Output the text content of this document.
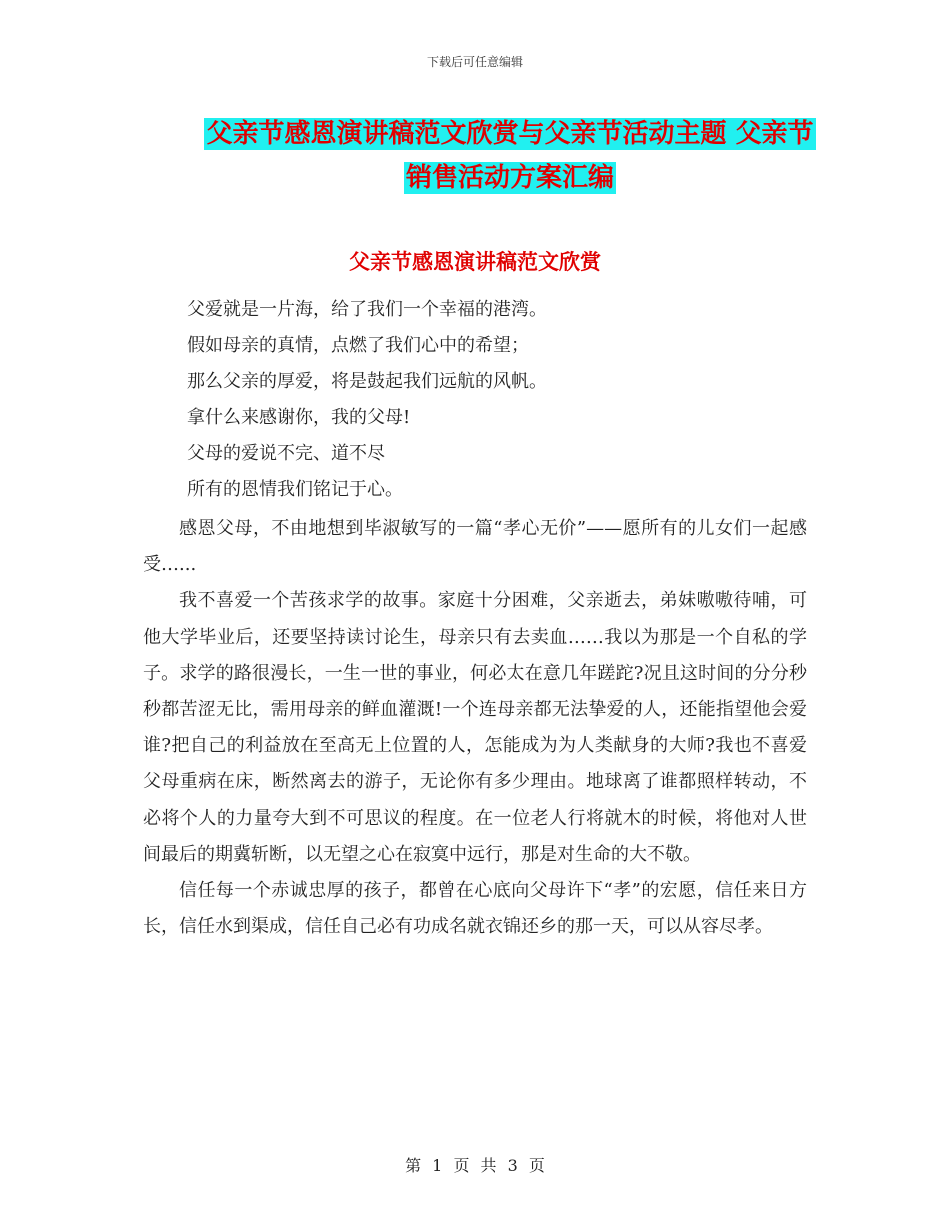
下载后可任意编辑
父亲节感恩演讲稿范文欣赏与父亲节活动主题 父亲节
销售活动方案汇编
父亲节感恩演讲稿范文欣赏
父爱就是一片海，给了我们一个幸福的港湾。
假如母亲的真情，点燃了我们心中的希望；
那么父亲的厚爱，将是鼓起我们远航的风帆。
拿什么来感谢你，我的父母!
父母的爱说不完、道不尽
所有的恩情我们铭记于心。

感恩父母，不由地想到毕淑敏写的一篇“孝心无价”——愿所有的儿女们一起感受…...

我不喜爱一个苦孩求学的故事。家庭十分困难，父亲逝去，弟妹嗷嗷待哺，可他大学毕业后，还要坚持读讨论生，母亲只有去卖血……我以为那是一个自私的学子。求学的路很漫长，一生一世的事业，何必太在意几年蹉跎?况且这时间的分分秒秒都苦涩无比，需用母亲的鲜血灌溉!一个连母亲都无法挚爱的人，还能指望他会爱谁?把自己的利益放在至高无上位置的人，怎能成为为人类献身的大师?我也不喜爱父母重病在床，断然离去的游子，无论你有多少理由。地球离了谁都照样转动，不必将个人的力量夸大到不可思议的程度。在一位老人行将就木的时候，将他对人世间最后的期冀斩断，以无望之心在寂寞中远行，那是对生命的大不敬。

信任每一个赤诚忠厚的孩子，都曾在心底向父母许下“孝”的宏愿，信任来日方长，信任水到渠成，信任自己必有功成名就衣锦还乡的那一天，可以从容尽孝。

第 1 页 共 3 页
